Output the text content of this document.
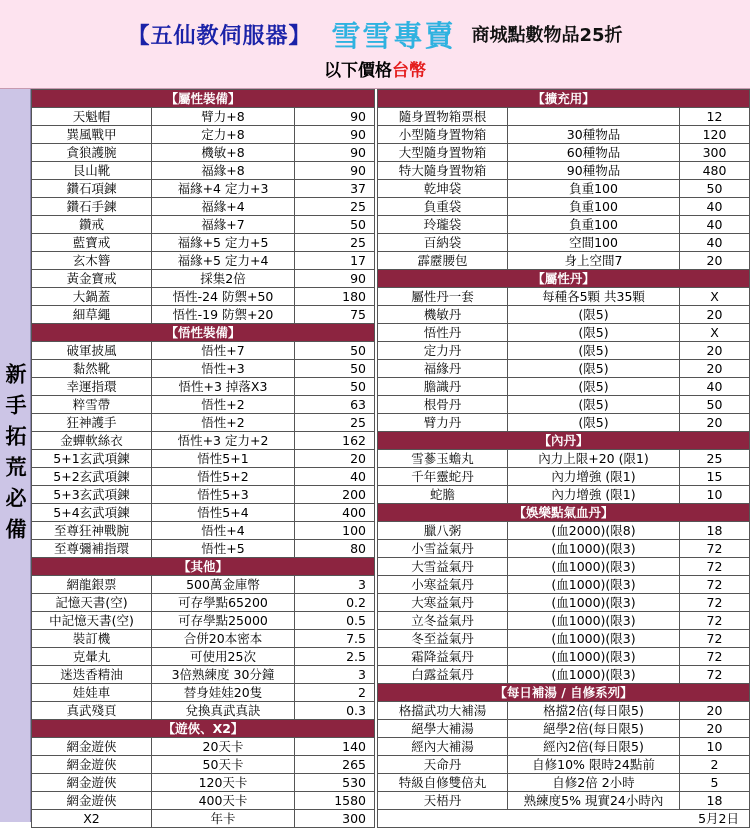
【五仙教伺服器】 雪雪專賣 商城點數物品25折
以下價格台幣
新手拓荒必備
【屬性裝備】		
天魁帽	臂力+8	90
巽風戰甲	定力+8	90
貪狼護腕	機敏+8	90
艮山靴	福緣+8	90
鑽石項鍊	福緣+4 定力+3	37
鑽石手鍊	福緣+4	25
鑽戒	福緣+7	50
藍寶戒	福緣+5 定力+5	25
玄木簪	福緣+5 定力+4	17
黃金寶戒	採集2倍	90
大鍋蓋	悟性-24 防禦+50	180
細草繩	悟性-19 防禦+20	75
【悟性裝備】		
破軍披風	悟性+7	50
黏然靴	悟性+3	50
幸運指環	悟性+3 掉落X3	50
粹雪帶	悟性+2	63
狂神護手	悟性+2	25
金蟬軟絲衣	悟性+3 定力+2	162
5+1玄武項鍊	悟性5+1	20
5+2玄武項鍊	悟性5+2	40
5+3玄武項鍊	悟性5+3	200
5+4玄武項鍊	悟性5+4	400
至尊狂神戰腕	悟性+4	100
至尊彌補指環	悟性+5	80
【其他】		
網龍銀票	500萬金庫幣	3
記憶天書(空)	可存學點65200	0.2
中記憶天書(空)	可存學點25000	0.5
裝訂機	合併20本密本	7.5
克暈丸	可使用25次	2.5
迷迭香精油	3倍熟練度 30分鐘	3
娃娃車	替身娃娃20隻	2
真武殘頁	兌換真武真訣	0.3
【遊俠、X2】		
網金遊俠	20天卡	140
網金遊俠	50天卡	265
網金遊俠	120天卡	530
網金遊俠	400天卡	1580
X2	年卡	300
【擴充用】		
隨身置物箱票根		12
小型隨身置物箱	30種物品	120
大型隨身置物箱	60種物品	300
特大隨身置物箱	90種物品	480
乾坤袋	負重100	50
負重袋	負重100	40
玲瓏袋	負重100	40
百納袋	空間100	40
霹靂腰包	身上空間7	20
【屬性丹】		
屬性丹一套	每種各5顆 共35顆	X
機敏丹	(限5)	20
悟性丹	(限5)	X
定力丹	(限5)	20
福緣丹	(限5)	20
膽識丹	(限5)	40
根骨丹	(限5)	50
臂力丹	(限5)	20
【內丹】		
雪蔘玉蟾丸	內力上限+20 (限1)	25
千年靈蛇丹	內力增強 (限1)	15
蛇膽	內力增強 (限1)	10
【娛樂點氣血丹】		
臘八粥	(血2000)(限8)	18
小雪益氣丹	(血1000)(限3)	72
大雪益氣丹	(血1000)(限3)	72
小寒益氣丹	(血1000)(限3)	72
大寒益氣丹	(血1000)(限3)	72
立冬益氣丹	(血1000)(限3)	72
冬至益氣丹	(血1000)(限3)	72
霜降益氣丹	(血1000)(限3)	72
白露益氣丹	(血1000)(限3)	72
【每日補湯 / 自修系列】		
格擋武功大補湯	格擋2倍(每日限5)	20
絕學大補湯	絕學2倍(每日限5)	20
經內大補湯	經內2倍(每日限5)	10
天命丹	自修10% 限時24點前	2
特級自修雙倍丸	自修2倍 2小時	5
天梧丹	熟練度5% 現實24小時內	18
5月2日		
